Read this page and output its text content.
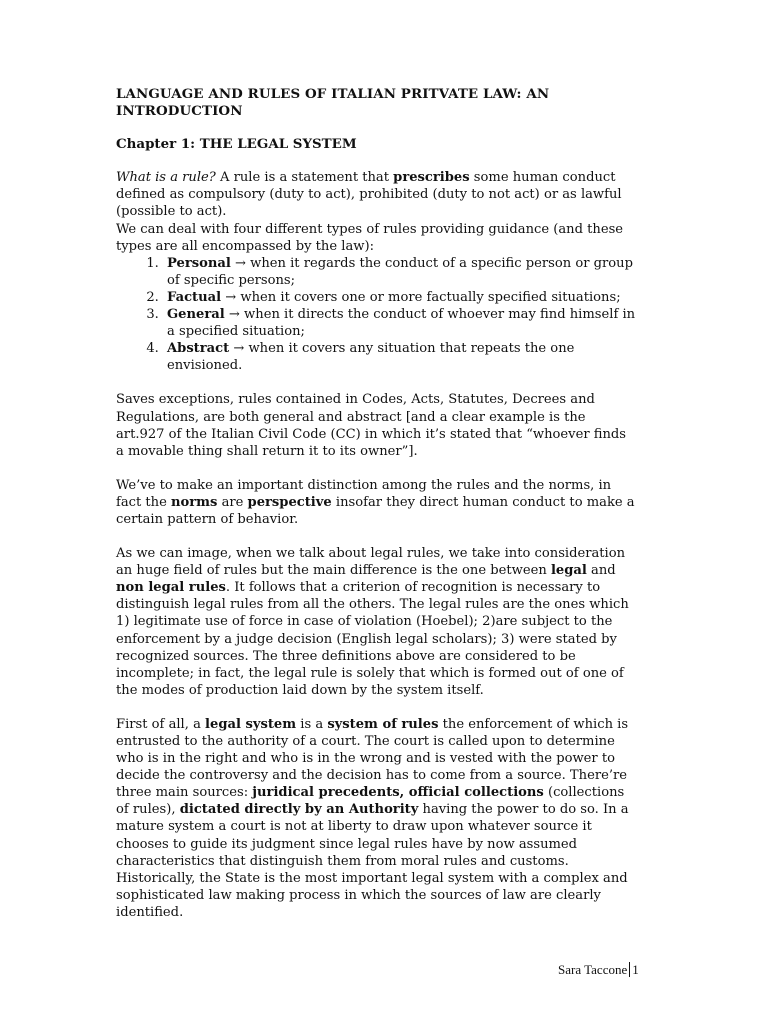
LANGUAGE AND RULES OF ITALIAN PRITVATE LAW: AN INTRODUCTION

Chapter 1: THE LEGAL SYSTEM

What is a rule? A rule is a statement that prescribes some human conduct defined as compulsory (duty to act), prohibited (duty to not act) or as lawful (possible to act).

We can deal with four different types of rules providing guidance (and these types are all encompassed by the law):

1. Personal → when it regards the conduct of a specific person or group of specific persons;
2. Factual → when it covers one or more factually specified situations;
3. General → when it directs the conduct of whoever may find himself in a specified situation;
4. Abstract → when it covers any situation that repeats the one envisioned.

Saves exceptions, rules contained in Codes, Acts, Statutes, Decrees and Regulations, are both general and abstract [and a clear example is the art.927 of the Italian Civil Code (CC) in which it’s stated that “whoever finds a movable thing shall return it to its owner”].

We’ve to make an important distinction among the rules and the norms, in fact the norms are perspective insofar they direct human conduct to make a certain pattern of behavior.

As we can image, when we talk about legal rules, we take into consideration an huge field of rules but the main difference is the one between legal and non legal rules. It follows that a criterion of recognition is necessary to distinguish legal rules from all the others. The legal rules are the ones which 1) legitimate use of force in case of violation (Hoebel); 2)are subject to the enforcement by a judge decision (English legal scholars); 3) were stated by recognized sources. The three definitions above are considered to be incomplete; in fact, the legal rule is solely that which is formed out of one of the modes of production laid down by the system itself.

First of all, a legal system is a system of rules the enforcement of which is entrusted to the authority of a court. The court is called upon to determine who is in the right and who is in the wrong and is vested with the power to decide the controversy and the decision has to come from a source. There’re three main sources: juridical precedents, official collections (collections of rules), dictated directly by an Authority having the power to do so. In a mature system a court is not at liberty to draw upon whatever source it chooses to guide its judgment since legal rules have by now assumed characteristics that distinguish them from moral rules and customs.

Historically, the State is the most important legal system with a complex and sophisticated law making process in which the sources of law are clearly identified.

Sara Taccone 1
